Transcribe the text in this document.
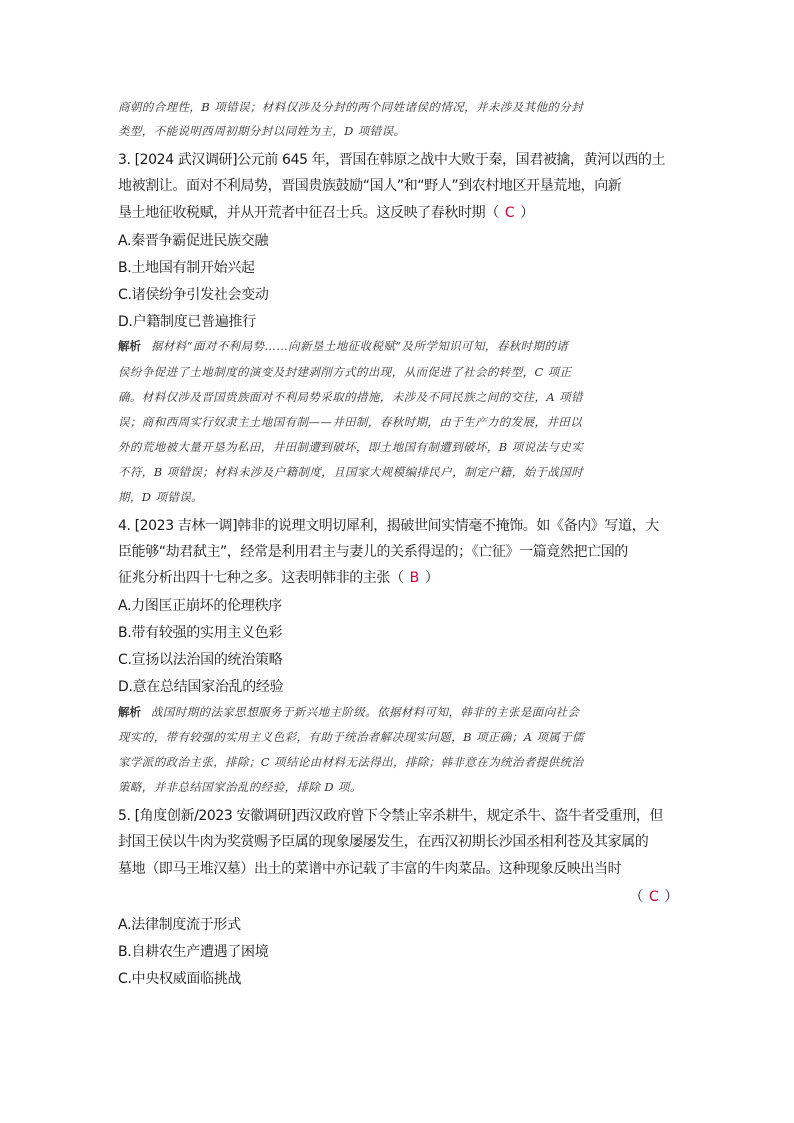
商朝的合理性，B 项错误；材料仅涉及分封的两个同姓诸侯的情况，并未涉及其他的分封
类型，不能说明西周初期分封以同姓为主，D 项错误。
3. [2024 武汉调研]公元前 645 年，晋国在韩原之战中大败于秦，国君被擒，黄河以西的土
地被割让。面对不利局势，晋国贵族鼓励“国人”和“野人”到农村地区开垦荒地，向新
垦土地征收税赋，并从开荒者中征召士兵。这反映了春秋时期（ C ）
A.秦晋争霸促进民族交融
B.土地国有制开始兴起
C.诸侯纷争引发社会变动
D.户籍制度已普遍推行
解析 据材料“面对不利局势……向新垦土地征收税赋”及所学知识可知，春秋时期的诸
侯纷争促进了土地制度的演变及封建剥削方式的出现，从而促进了社会的转型，C 项正
确。材料仅涉及晋国贵族面对不利局势采取的措施，未涉及不同民族之间的交往，A 项错
误；商和西周实行奴隶主土地国有制——井田制，春秋时期，由于生产力的发展，井田以
外的荒地被大量开垦为私田，井田制遭到破坏，即土地国有制遭到破坏，B 项说法与史实
不符，B 项错误；材料未涉及户籍制度，且国家大规模编排民户，制定户籍，始于战国时
期，D 项错误。
4. [2023 吉林一调]韩非的说理文明切犀利，揭破世间实情毫不掩饰。如《备内》写道，大
臣能够“劫君弑主”，经常是利用君主与妻儿的关系得逞的；《亡征》一篇竟然把亡国的
征兆分析出四十七种之多。这表明韩非的主张（ B ）
A.力图匡正崩坏的伦理秩序
B.带有较强的实用主义色彩
C.宣扬以法治国的统治策略
D.意在总结国家治乱的经验
解析 战国时期的法家思想服务于新兴地主阶级。依据材料可知，韩非的主张是面向社会
现实的，带有较强的实用主义色彩，有助于统治者解决现实问题，B 项正确；A 项属于儒
家学派的政治主张，排除；C 项结论由材料无法得出，排除；韩非意在为统治者提供统治
策略，并非总结国家治乱的经验，排除 D 项。
5. [角度创新/2023 安徽调研]西汉政府曾下令禁止宰杀耕牛，规定杀牛、盗牛者受重刑，但
封国王侯以牛肉为奖赏赐予臣属的现象屡屡发生，在西汉初期长沙国丞相利苍及其家属的
墓地（即马王堆汉墓）出土的菜谱中亦记载了丰富的牛肉菜品。这种现象反映出当时
（ C ）
A.法律制度流于形式
B.自耕农生产遭遇了困境
C.中央权威面临挑战
